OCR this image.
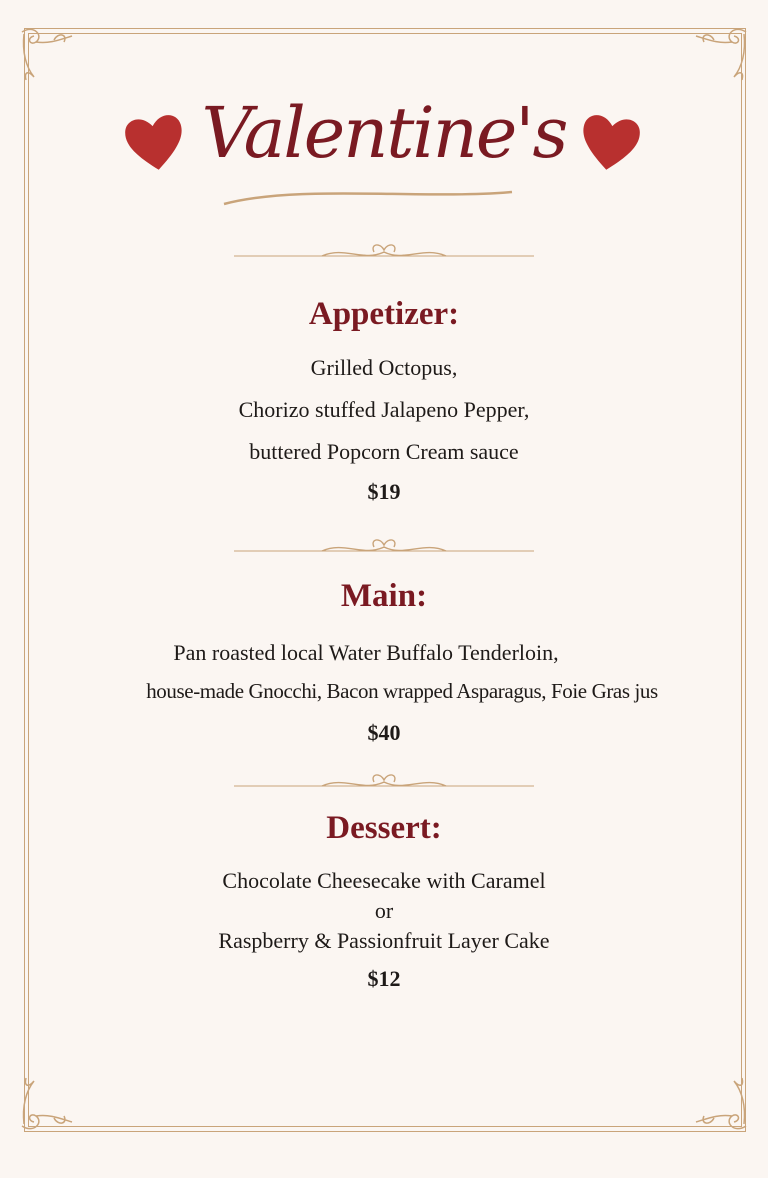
Valentine's
Appetizer:
Grilled Octopus,
Chorizo stuffed Jalapeno Pepper,
buttered Popcorn Cream sauce
$19
Main:
Pan roasted local Water Buffalo Tenderloin,
house-made Gnocchi, Bacon wrapped Asparagus, Foie Gras jus
$40
Dessert:
Chocolate Cheesecake with Caramel
or
Raspberry & Passionfruit Layer Cake
$12
